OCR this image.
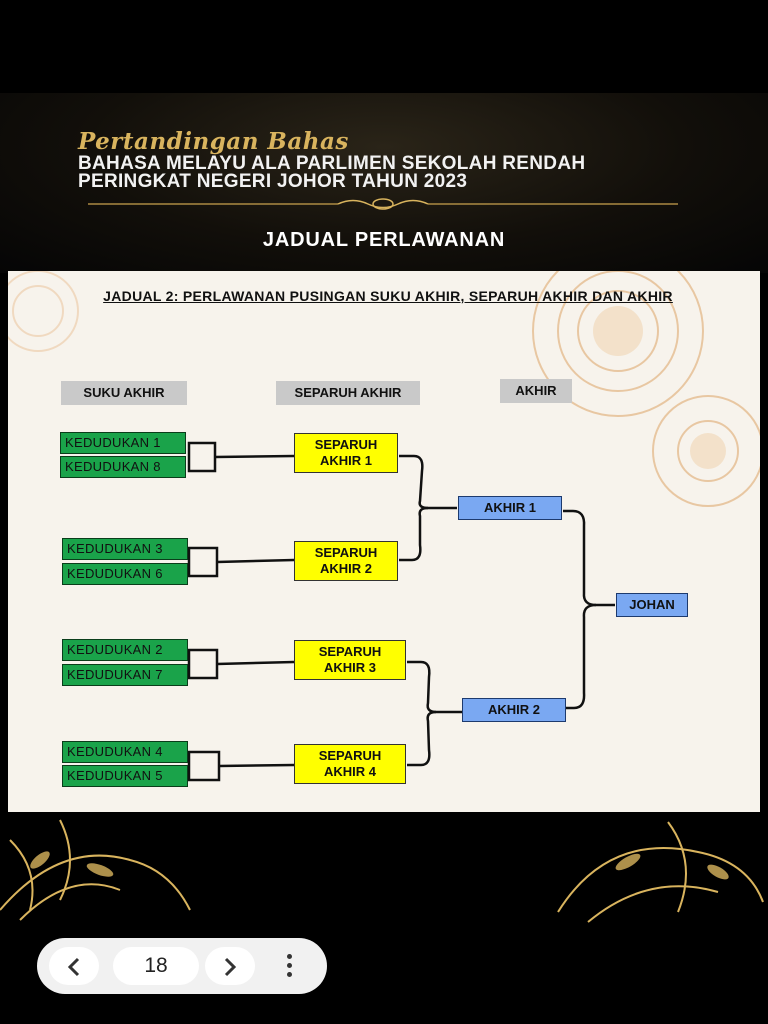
Pertandingan Bahas
BAHASA MELAYU ALA PARLIMEN SEKOLAH RENDAH
PERINGKAT NEGERI JOHOR TAHUN 2023
JADUAL PERLAWANAN
JADUAL 2: PERLAWANAN PUSINGAN SUKU AKHIR, SEPARUH AKHIR DAN AKHIR
SUKU AKHIR	SEPARUH AKHIR	AKHIR
KEDUDUKAN 1
KEDUDUKAN 8
KEDUDUKAN 3
KEDUDUKAN 6
KEDUDUKAN 2
KEDUDUKAN 7
KEDUDUKAN 4
KEDUDUKAN 5
SEPARUH
AKHIR 1
SEPARUH
AKHIR 2
SEPARUH
AKHIR 3
SEPARUH
AKHIR 4
AKHIR 1
AKHIR 2
JOHAN
18
